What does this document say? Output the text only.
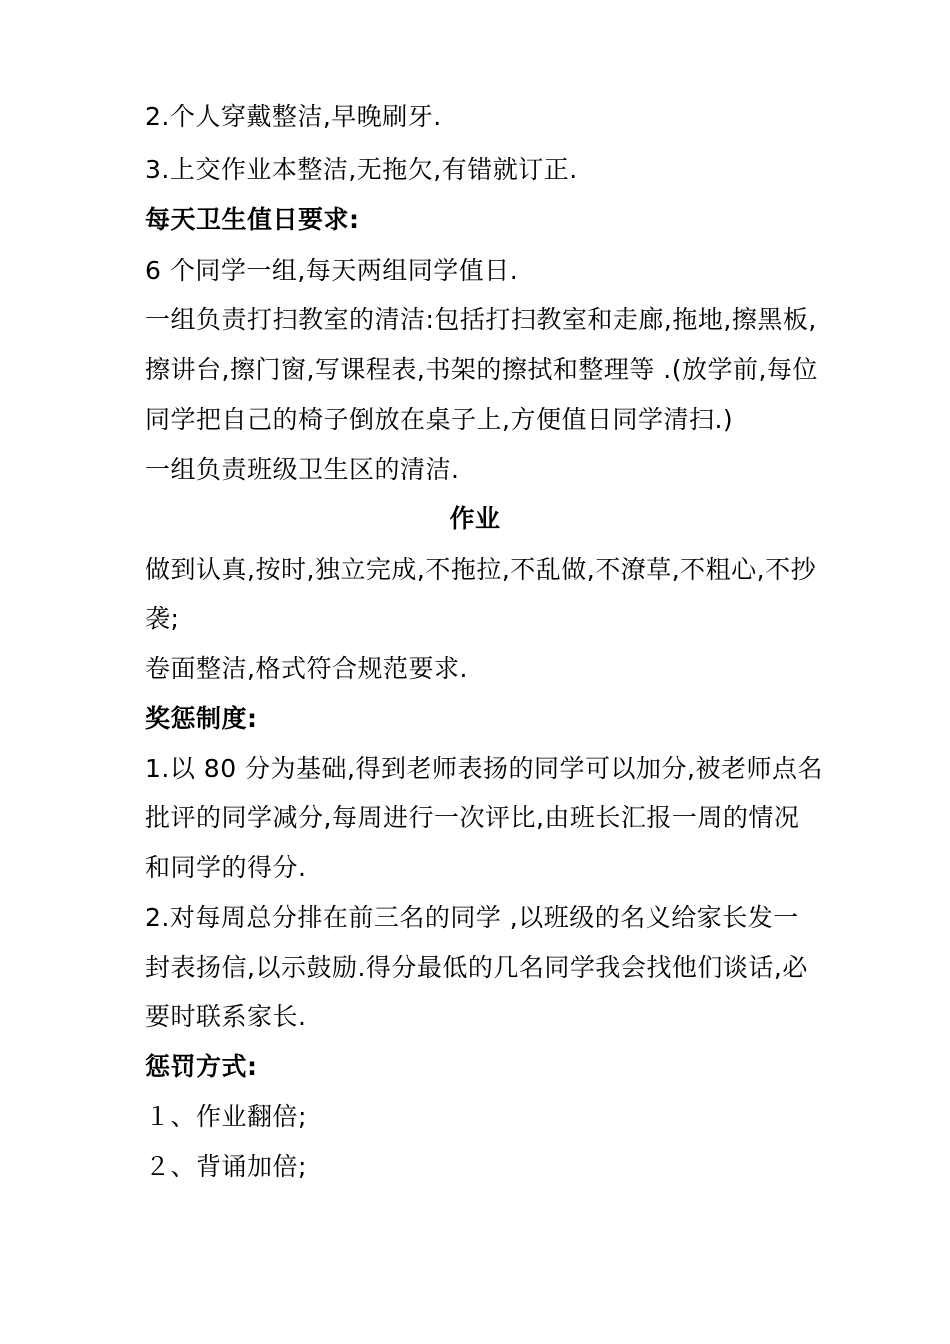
2.个人穿戴整洁,早晚刷牙.
3.上交作业本整洁,无拖欠,有错就订正.
每天卫生值日要求:
6 个同学一组,每天两组同学值日.
一组负责打扫教室的清洁:包括打扫教室和走廊,拖地,擦黑板,
擦讲台,擦门窗,写课程表,书架的擦拭和整理等 .(放学前,每位
同学把自己的椅子倒放在桌子上,方便值日同学清扫.)
一组负责班级卫生区的清洁.
作业
做到认真,按时,独立完成,不拖拉,不乱做,不潦草,不粗心,不抄
袭;
卷面整洁,格式符合规范要求.
奖惩制度:
1.以 80 分为基础,得到老师表扬的同学可以加分,被老师点名
批评的同学减分,每周进行一次评比,由班长汇报一周的情况
和同学的得分.
2.对每周总分排在前三名的同学 ,以班级的名义给家长发一
封表扬信,以示鼓励.得分最低的几名同学我会找他们谈话,必
要时联系家长.
惩罚方式:
１、作业翻倍;
２、背诵加倍;
